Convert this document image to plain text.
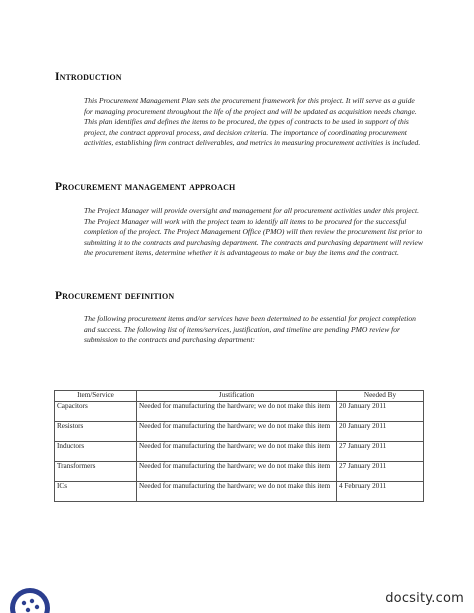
Introduction

This Procurement Management Plan sets the procurement framework for this project. It will serve as a guide for managing procurement throughout the life of the project and will be updated as acquisition needs change. This plan identifies and defines the items to be procured, the types of contracts to be used in support of this project, the contract approval process, and decision criteria. The importance of coordinating procurement activities, establishing firm contract deliverables, and metrics in measuring procurement activities is included.

Procurement management approach

The Project Manager will provide oversight and management for all procurement activities under this project. The Project Manager will work with the project team to identify all items to be procured for the successful completion of the project. The Project Management Office (PMO) will then review the procurement list prior to submitting it to the contracts and purchasing department. The contracts and purchasing department will review the procurement items, determine whether it is advantageous to make or buy the items and the contract.

Procurement definition

The following procurement items and/or services have been determined to be essential for project completion and success. The following list of items/services, justification, and timeline are pending PMO review for submission to the contracts and purchasing department:

Item/Service	Justification	Needed By
Capacitors	Needed for manufacturing the hardware; we do not make this item	20 January 2011
Resistors	Needed for manufacturing the hardware; we do not make this item	20 January 2011
Inductors	Needed for manufacturing the hardware; we do not make this item	27 January 2011
Transformers	Needed for manufacturing the hardware; we do not make this item	27 January 2011
ICs	Needed for manufacturing the hardware; we do not make this item	4 February 2011

docsity.com
